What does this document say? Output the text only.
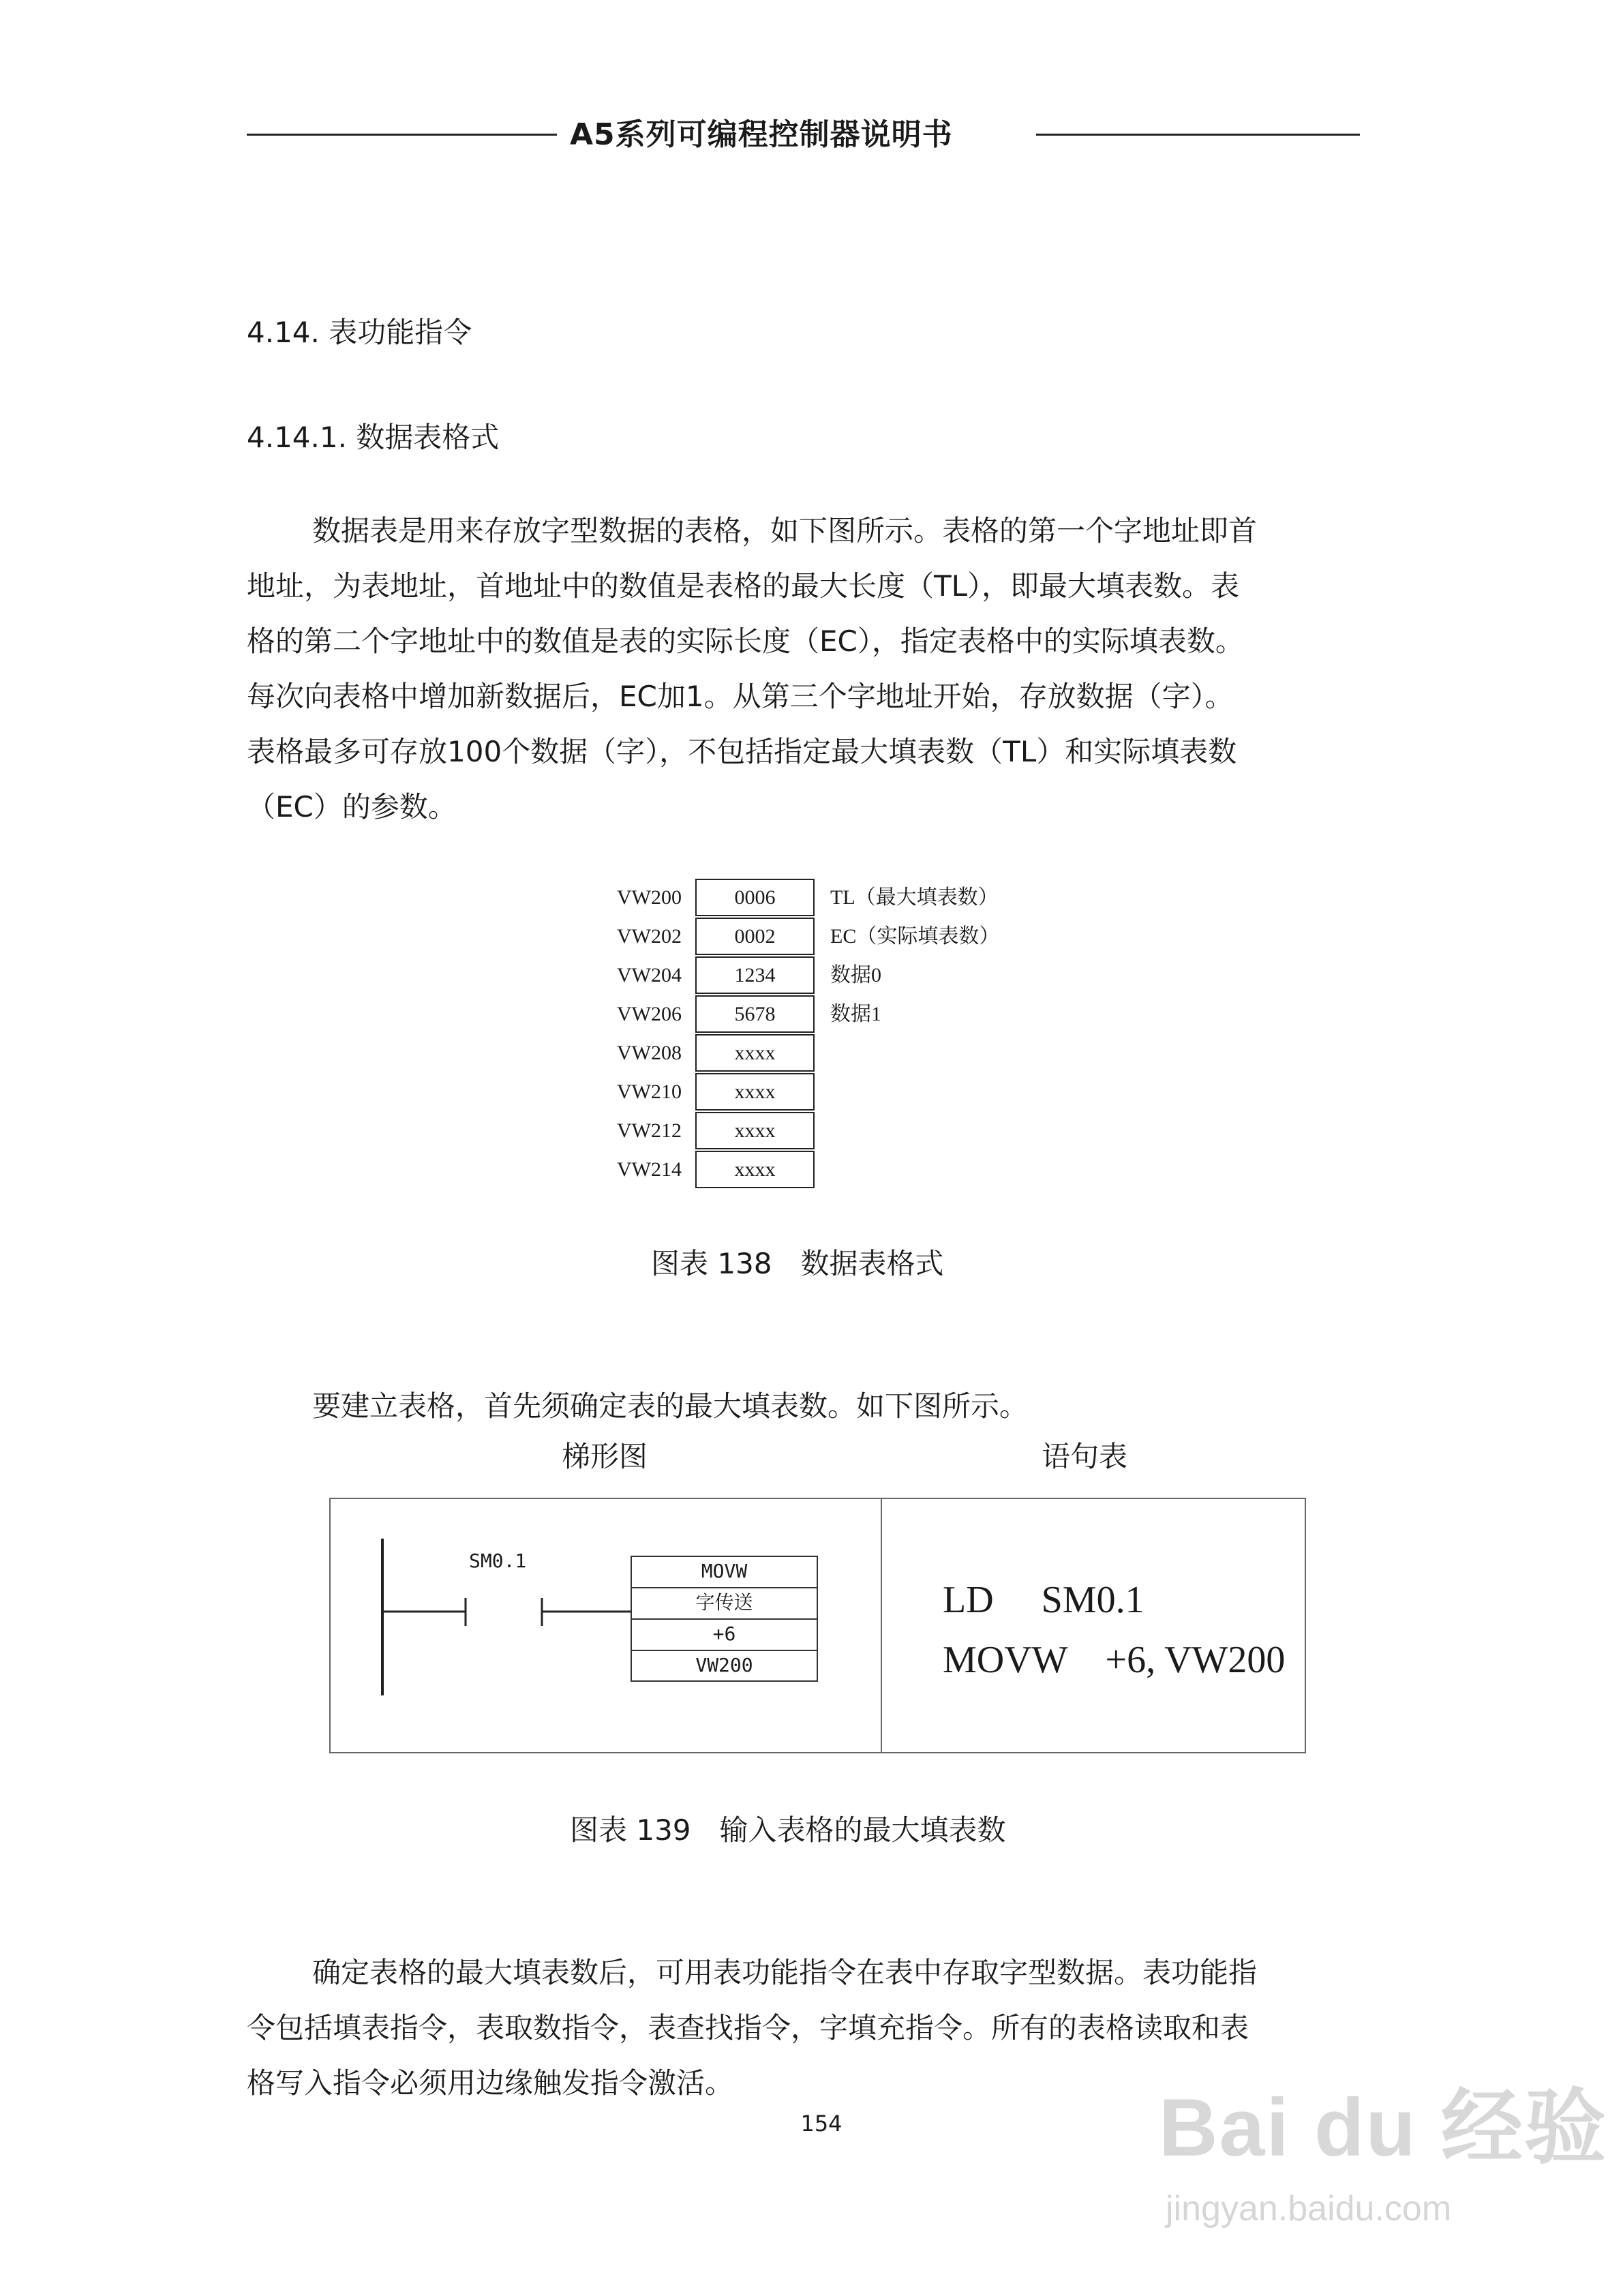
A5系列可编程控制器说明书
4.14. 表功能指令
4.14.1. 数据表格式
数据表是用来存放字型数据的表格，如下图所示。表格的第一个字地址即首
地址，为表地址，首地址中的数值是表格的最大长度（TL），即最大填表数。表
格的第二个字地址中的数值是表的实际长度（EC），指定表格中的实际填表数。
每次向表格中增加新数据后，EC加1。从第三个字地址开始，存放数据（字）。
表格最多可存放100个数据（字），不包括指定最大填表数（TL）和实际填表数
（EC）的参数。
VW200	0006	TL（最大填表数）
VW202	0002	EC（实际填表数）
VW204	1234	数据0
VW206	5678	数据1
VW208	xxxx
VW210	xxxx
VW212	xxxx
VW214	xxxx
图表 138　数据表格式
要建立表格，首先须确定表的最大填表数。如下图所示。
梯形图	语句表
SM0.1	MOVW
字传送
+6
VW200
LD     SM0.1
MOVW    +6, VW200
图表 139　输入表格的最大填表数
确定表格的最大填表数后，可用表功能指令在表中存取字型数据。表功能指
令包括填表指令，表取数指令，表查找指令，字填充指令。所有的表格读取和表
格写入指令必须用边缘触发指令激活。
154	Bai du 经验
jingyan.baidu.com
